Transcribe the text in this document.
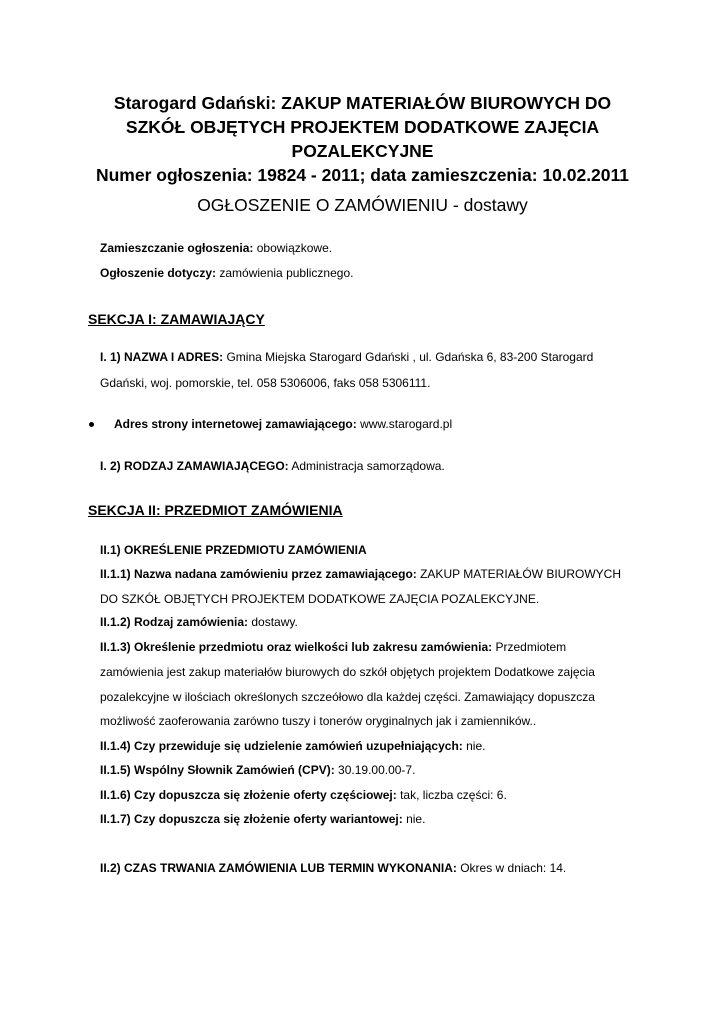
Starogard Gdański: ZAKUP MATERIAŁÓW BIUROWYCH DO
SZKÓŁ OBJĘTYCH PROJEKTEM DODATKOWE ZAJĘCIA
POZALEKCYJNE
Numer ogłoszenia: 19824 - 2011; data zamieszczenia: 10.02.2011
OGŁOSZENIE O ZAMÓWIENIU - dostawy
Zamieszczanie ogłoszenia: obowiązkowe.
Ogłoszenie dotyczy: zamówienia publicznego.
SEKCJA I: ZAMAWIAJĄCY
I. 1) NAZWA I ADRES: Gmina Miejska Starogard Gdański , ul. Gdańska 6, 83-200 Starogard
Gdański, woj. pomorskie, tel. 058 5306006, faks 058 5306111.
Adres strony internetowej zamawiającego: www.starogard.pl
I. 2) RODZAJ ZAMAWIAJĄCEGO: Administracja samorządowa.
SEKCJA II: PRZEDMIOT ZAMÓWIENIA
II.1) OKREŚLENIE PRZEDMIOTU ZAMÓWIENIA
II.1.1) Nazwa nadana zamówieniu przez zamawiającego: ZAKUP MATERIAŁÓW BIUROWYCH
DO SZKÓŁ OBJĘTYCH PROJEKTEM DODATKOWE ZAJĘCIA POZALEKCYJNE.
II.1.2) Rodzaj zamówienia: dostawy.
II.1.3) Określenie przedmiotu oraz wielkości lub zakresu zamówienia: Przedmiotem
zamówienia jest zakup materiałów biurowych do szkół objętych projektem Dodatkowe zajęcia
pozalekcyjne w ilościach określonych szczeółowo dla każdej części. Zamawiający dopuszcza
możliwość zaoferowania zarówno tuszy i tonerów oryginalnych jak i zamienników..
II.1.4) Czy przewiduje się udzielenie zamówień uzupełniających: nie.
II.1.5) Wspólny Słownik Zamówień (CPV): 30.19.00.00-7.
II.1.6) Czy dopuszcza się złożenie oferty częściowej: tak, liczba części: 6.
II.1.7) Czy dopuszcza się złożenie oferty wariantowej: nie.
II.2) CZAS TRWANIA ZAMÓWIENIA LUB TERMIN WYKONANIA: Okres w dniach: 14.
